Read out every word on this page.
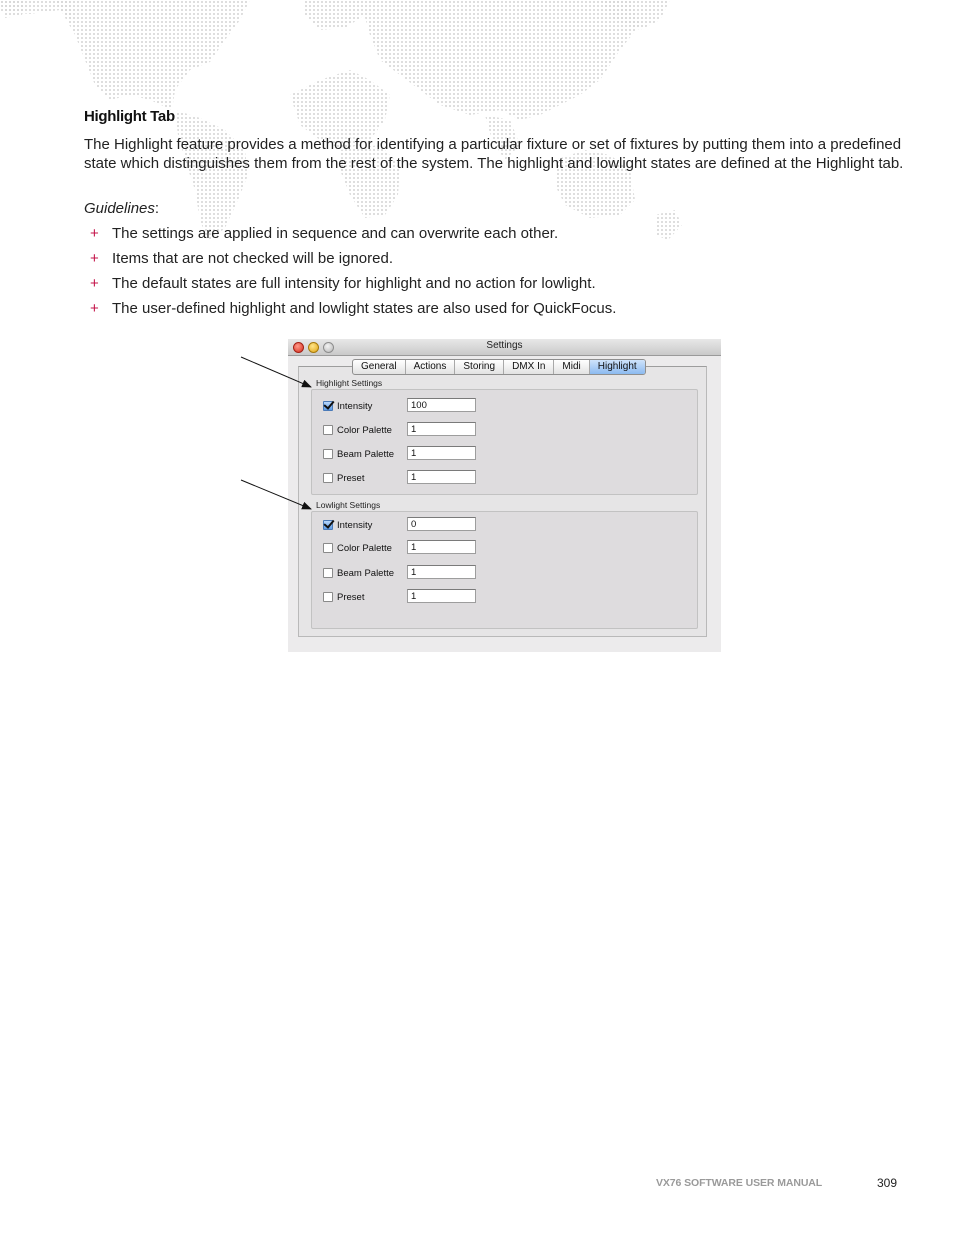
Highlight Tab

The Highlight feature provides a method for identifying a particular fixture or set of fixtures by putting them into a predefined state which distinguishes them from the rest of the system. The highlight and lowlight states are defined at the Highlight tab.

Guidelines:
+ The settings are applied in sequence and can overwrite each other.
+ Items that are not checked will be ignored.
+ The default states are full intensity for highlight and no action for lowlight.
+ The user-defined highlight and lowlight states are also used for QuickFocus.
Settings
General	Actions	Storing	DMX In	Midi	Highlight
Highlight Settings
Intensity	100
Color Palette	1
Beam Palette	1
Preset	1
Lowlight Settings
Intensity	0
Color Palette	1
Beam Palette	1
Preset	1
VX76 SOFTWARE USER MANUAL	309
